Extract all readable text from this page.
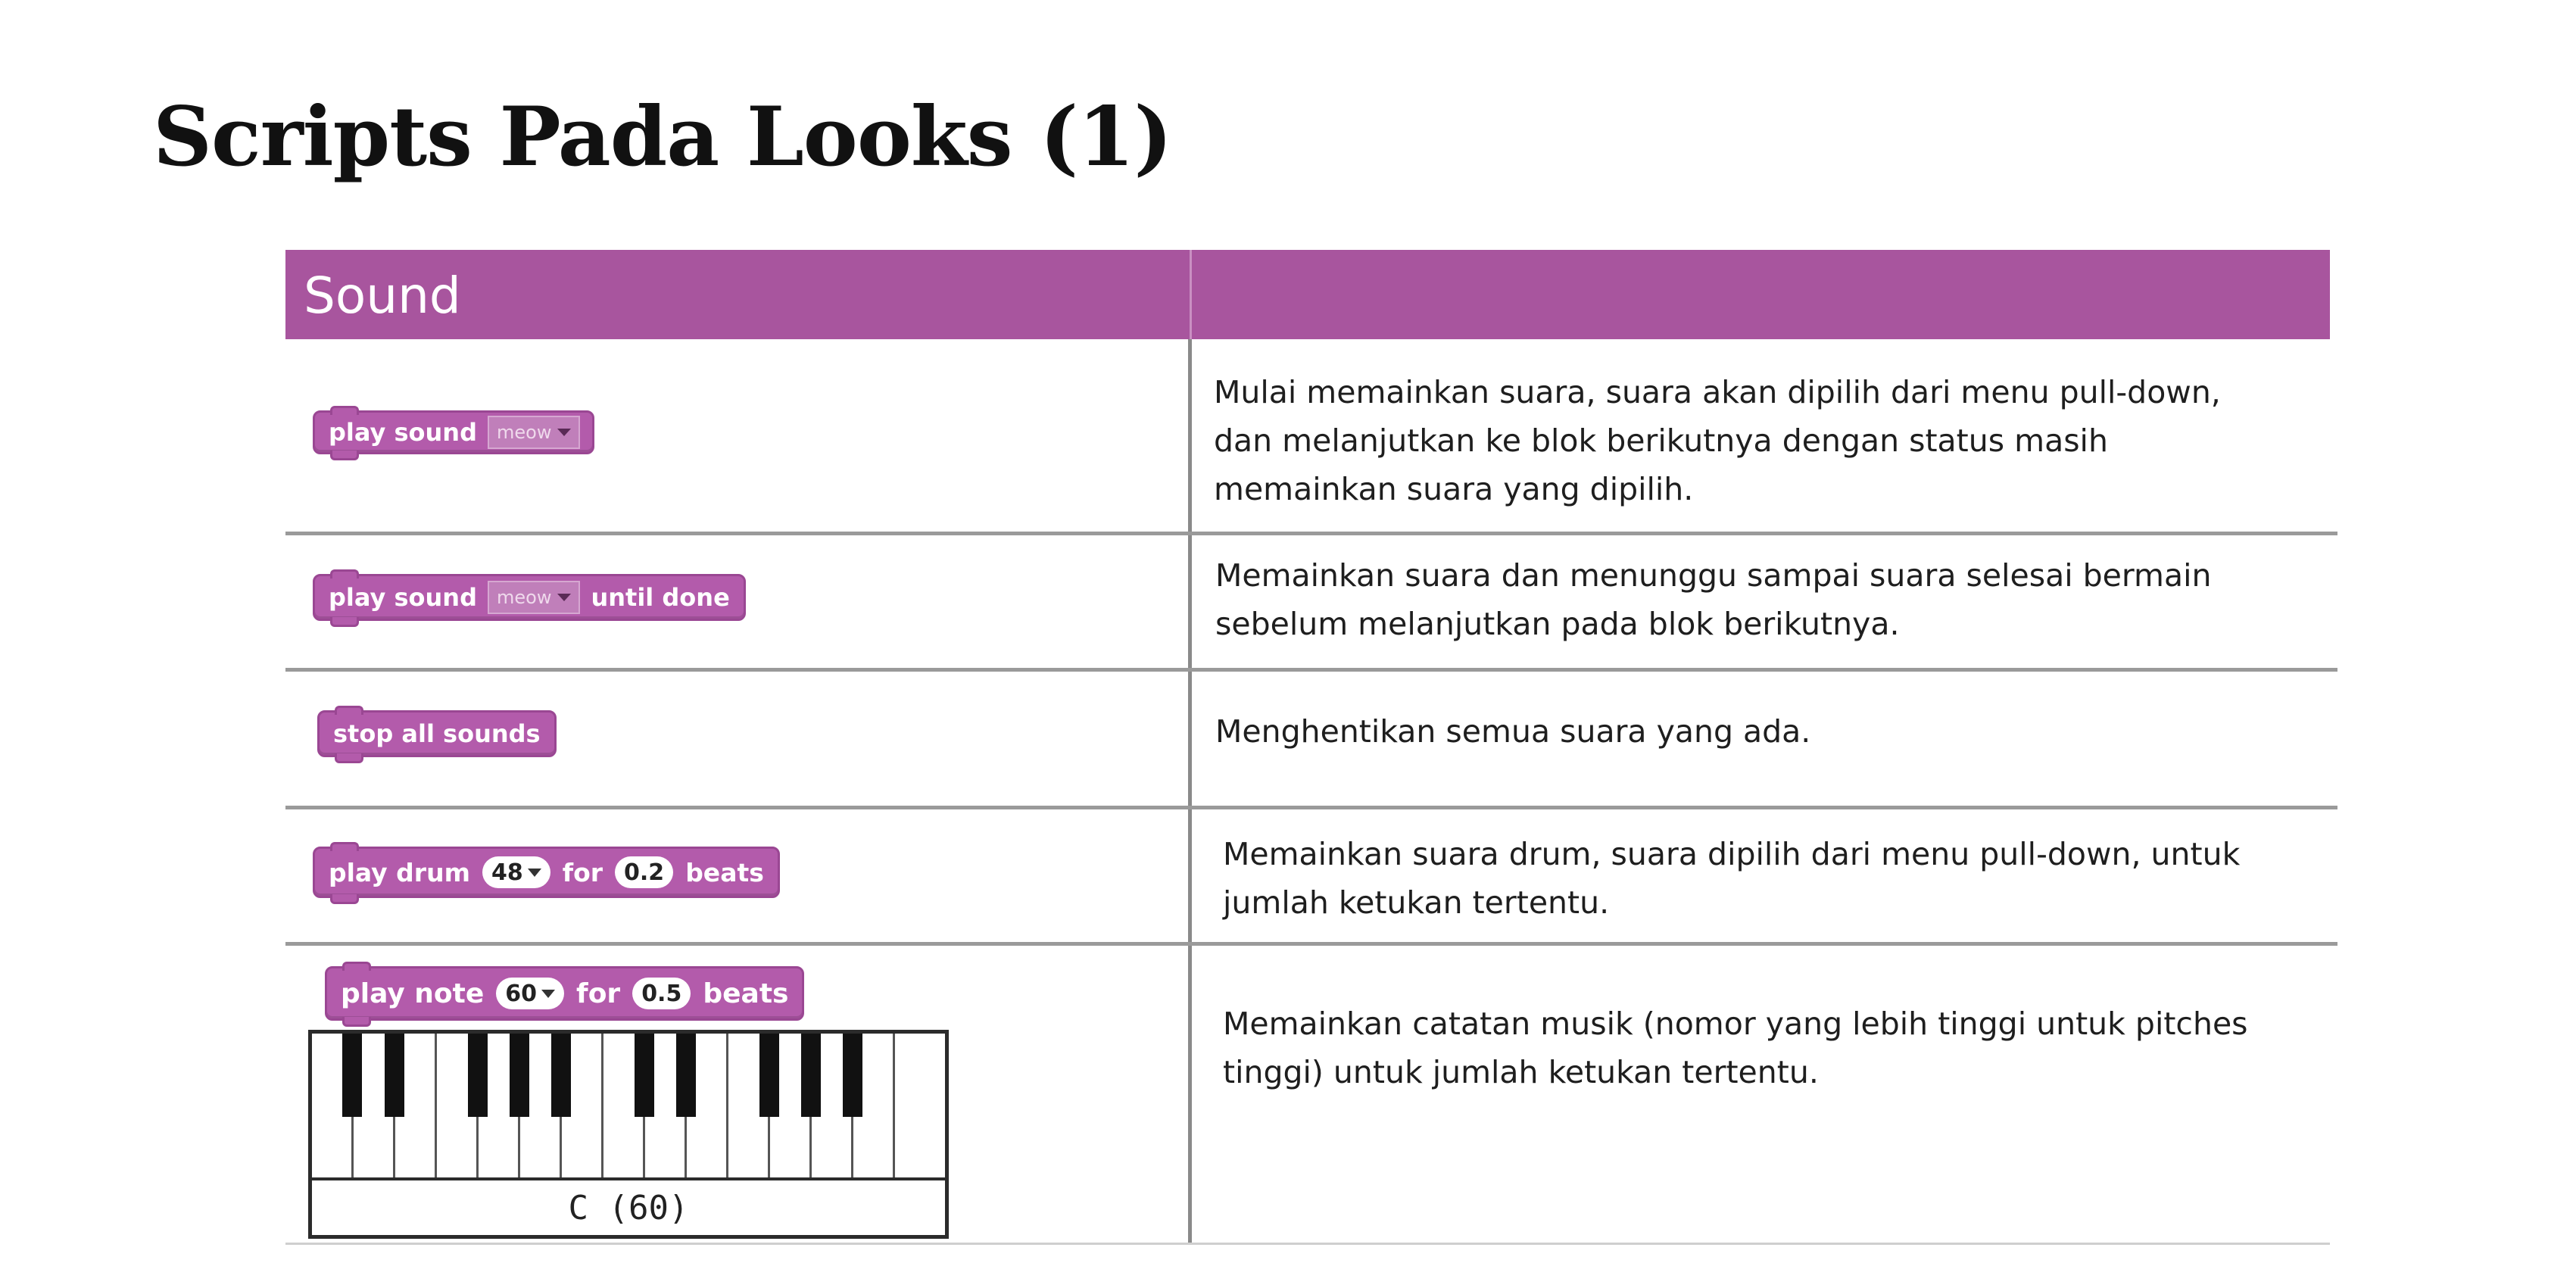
Scripts Pada Looks (1)
Sound
play sound meow
Mulai memainkan suara, suara akan dipilih dari menu pull-down,
dan melanjutkan ke blok berikutnya dengan status masih
memainkan suara yang dipilih.
play sound meow until done
Memainkan suara dan menunggu sampai suara selesai bermain
sebelum melanjutkan pada blok berikutnya.
stop all sounds	Menghentikan semua suara yang ada.
play drum 48 for 0.2 beats	Memainkan suara drum, suara dipilih dari menu pull-down, untuk
jumlah ketukan tertentu.
play note 60 for 0.5 beats
C (60)
Memainkan catatan musik (nomor yang lebih tinggi untuk pitches
tinggi) untuk jumlah ketukan tertentu.
